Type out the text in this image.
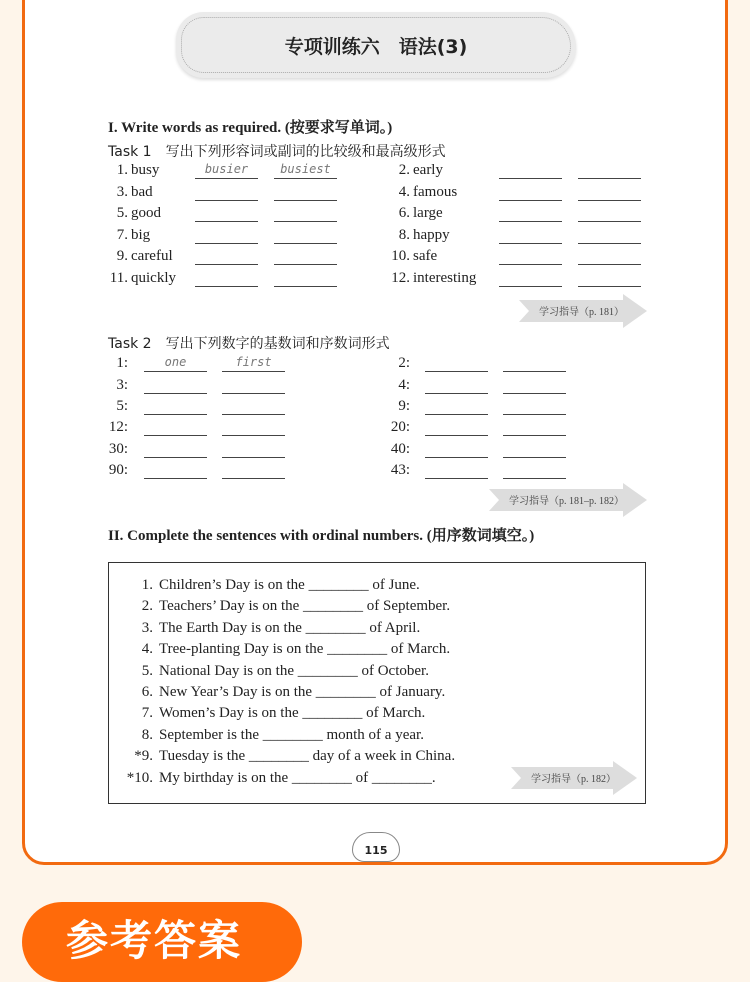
专项训练六　语法(3)
I. Write words as required. (按要求写单词。)
Task 1　写出下列形容词或副词的比较级和最高级形式
Task 2　写出下列数字的基数词和序数词形式
II. Complete the sentences with ordinal numbers. (用序数词填空。)
1. busy	busier	busiest
3. bad
5. good
7. big
9. careful
11. quickly
2. early
4. famous
6. large
8. happy
10. safe
12. interesting
1:	one	first
3:
5:
12:
30:
90:
2:
4:
9:
20:
40:
43:
学习指导（p. 181）
学习指导（p. 181–p. 182）
1. Children’s Day is on the ________ of June.
2. Teachers’ Day is on the ________ of September.
3. The Earth Day is on the ________ of April.
4. Tree-planting Day is on the ________ of March.
5. National Day is on the ________ of October.
6. New Year’s Day is on the ________ of January.
7. Women’s Day is on the ________ of March.
8. September is the ________ month of a year.
*9. Tuesday is the ________ day of a week in China.
*10. My birthday is on the ________ of ________.	学习指导（p. 182）
115
参考答案
